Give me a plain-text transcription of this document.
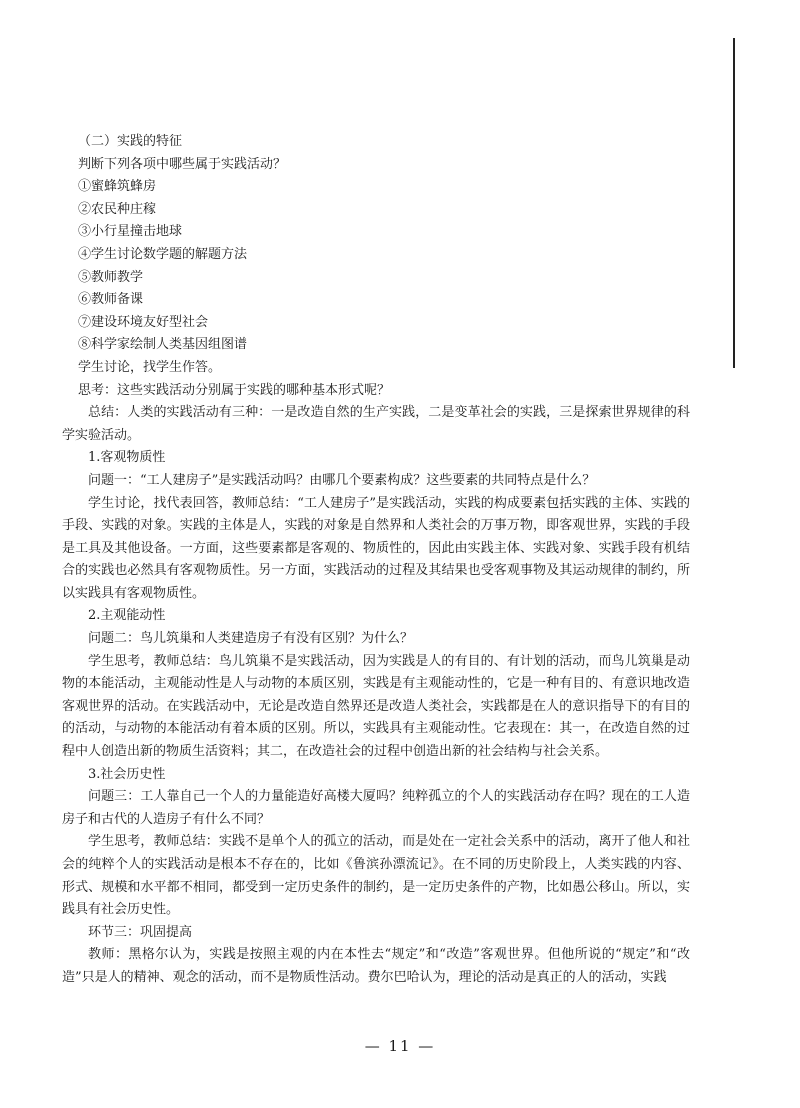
（二）实践的特征

判断下列各项中哪些属于实践活动？

①蜜蜂筑蜂房

②农民种庄稼

③小行星撞击地球

④学生讨论数学题的解题方法

⑤教师教学

⑥教师备课

⑦建设环境友好型社会

⑧科学家绘制人类基因组图谱

学生讨论，找学生作答。

思考：这些实践活动分别属于实践的哪种基本形式呢？

总结：人类的实践活动有三种：一是改造自然的生产实践，二是变革社会的实践，三是探索世界规律的科学实验活动。

1.客观物质性

问题一：“工人建房子”是实践活动吗？由哪几个要素构成？这些要素的共同特点是什么？

学生讨论，找代表回答，教师总结：“工人建房子”是实践活动，实践的构成要素包括实践的主体、实践的手段、实践的对象。实践的主体是人，实践的对象是自然界和人类社会的万事万物，即客观世界，实践的手段是工具及其他设备。一方面，这些要素都是客观的、物质性的，因此由实践主体、实践对象、实践手段有机结合的实践也必然具有客观物质性。另一方面，实践活动的过程及其结果也受客观事物及其运动规律的制约，所以实践具有客观物质性。

2.主观能动性

问题二：鸟儿筑巢和人类建造房子有没有区别？为什么？

学生思考，教师总结：鸟儿筑巢不是实践活动，因为实践是人的有目的、有计划的活动，而鸟儿筑巢是动物的本能活动，主观能动性是人与动物的本质区别，实践是有主观能动性的，它是一种有目的、有意识地改造客观世界的活动。在实践活动中，无论是改造自然界还是改造人类社会，实践都是在人的意识指导下的有目的的活动，与动物的本能活动有着本质的区别。所以，实践具有主观能动性。它表现在：其一，在改造自然的过程中人创造出新的物质生活资料；其二，在改造社会的过程中创造出新的社会结构与社会关系。

3.社会历史性

问题三：工人靠自己一个人的力量能造好高楼大厦吗？纯粹孤立的个人的实践活动存在吗？现在的工人造房子和古代的人造房子有什么不同？

学生思考，教师总结：实践不是单个人的孤立的活动，而是处在一定社会关系中的活动，离开了他人和社会的纯粹个人的实践活动是根本不存在的，比如《鲁滨孙漂流记》。在不同的历史阶段上，人类实践的内容、形式、规模和水平都不相同，都受到一定历史条件的制约，是一定历史条件的产物，比如愚公移山。所以，实践具有社会历史性。

环节三：巩固提高

教师：黑格尔认为，实践是按照主观的内在本性去“规定”和“改造”客观世界。但他所说的“规定”和“改造”只是人的精神、观念的活动，而不是物质性活动。费尔巴哈认为，理论的活动是真正的人的活动，实践

— 11 —
